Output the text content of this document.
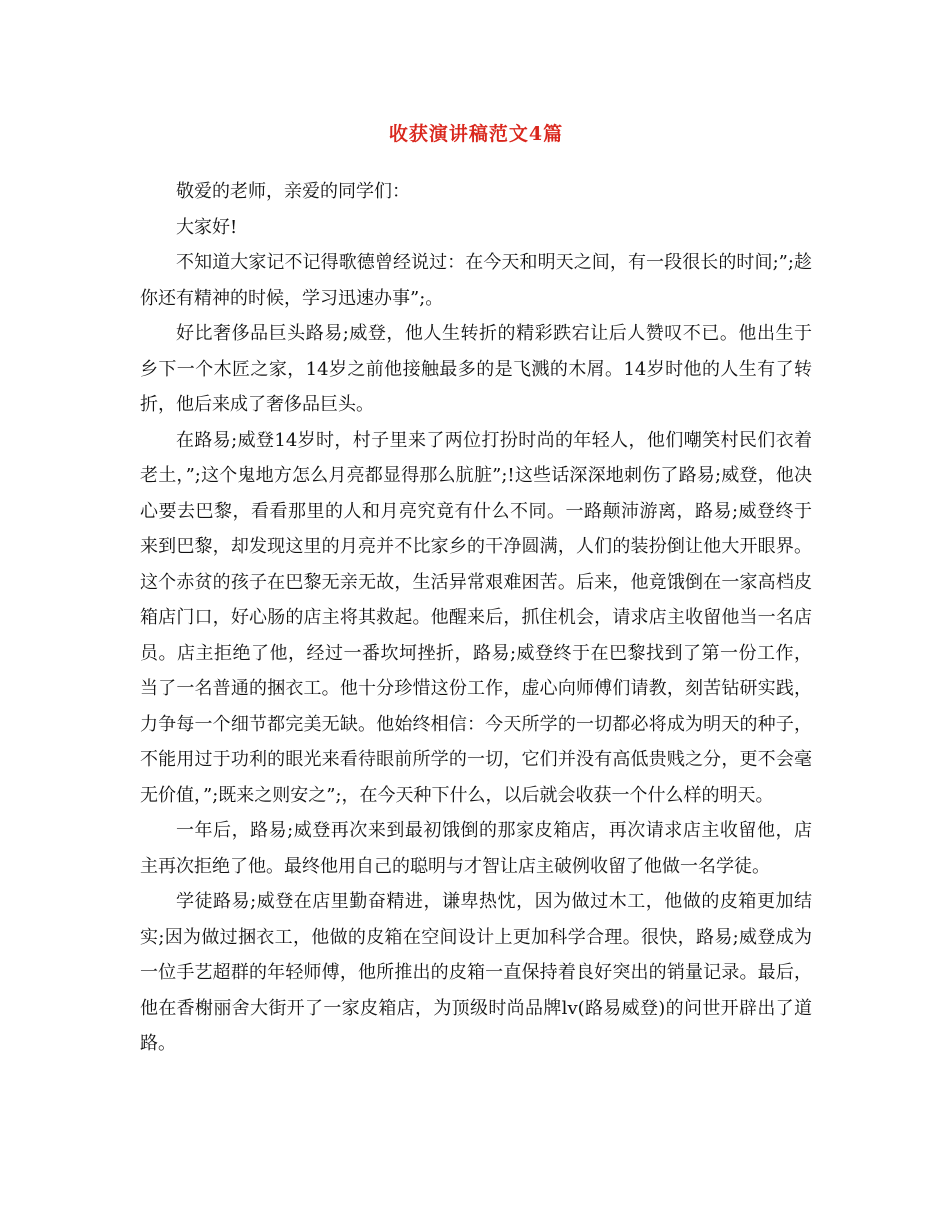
收获演讲稿范文4篇

敬爱的老师，亲爱的同学们：

大家好!

不知道大家记不记得歌德曾经说过：在今天和明天之间，有一段很长的时间;”;趁你还有精神的时候，学习迅速办事”;。

好比奢侈品巨头路易;威登，他人生转折的精彩跌宕让后人赞叹不已。他出生于乡下一个木匠之家，14岁之前他接触最多的是飞溅的木屑。14岁时他的人生有了转折，他后来成了奢侈品巨头。

在路易;威登14岁时，村子里来了两位打扮时尚的年轻人，他们嘲笑村民们衣着老土，”;这个鬼地方怎么月亮都显得那么肮脏”;!这些话深深地刺伤了路易;威登，他决心要去巴黎，看看那里的人和月亮究竟有什么不同。一路颠沛游离，路易;威登终于来到巴黎，却发现这里的月亮并不比家乡的干净圆满，人们的装扮倒让他大开眼界。这个赤贫的孩子在巴黎无亲无故，生活异常艰难困苦。后来，他竟饿倒在一家高档皮箱店门口，好心肠的店主将其救起。他醒来后，抓住机会，请求店主收留他当一名店员。店主拒绝了他，经过一番坎坷挫折，路易;威登终于在巴黎找到了第一份工作，当了一名普通的捆衣工。他十分珍惜这份工作，虚心向师傅们请教，刻苦钻研实践，力争每一个细节都完美无缺。他始终相信：今天所学的一切都必将成为明天的种子，不能用过于功利的眼光来看待眼前所学的一切，它们并没有高低贵贱之分，更不会毫无价值，”;既来之则安之”;，在今天种下什么，以后就会收获一个什么样的明天。

一年后，路易;威登再次来到最初饿倒的那家皮箱店，再次请求店主收留他，店主再次拒绝了他。最终他用自己的聪明与才智让店主破例收留了他做一名学徒。

学徒路易;威登在店里勤奋精进，谦卑热忱，因为做过木工，他做的皮箱更加结实;因为做过捆衣工，他做的皮箱在空间设计上更加科学合理。很快，路易;威登成为一位手艺超群的年轻师傅，他所推出的皮箱一直保持着良好突出的销量记录。最后，他在香榭丽舍大街开了一家皮箱店，为顶级时尚品牌lv(路易威登)的问世开辟出了道路。
